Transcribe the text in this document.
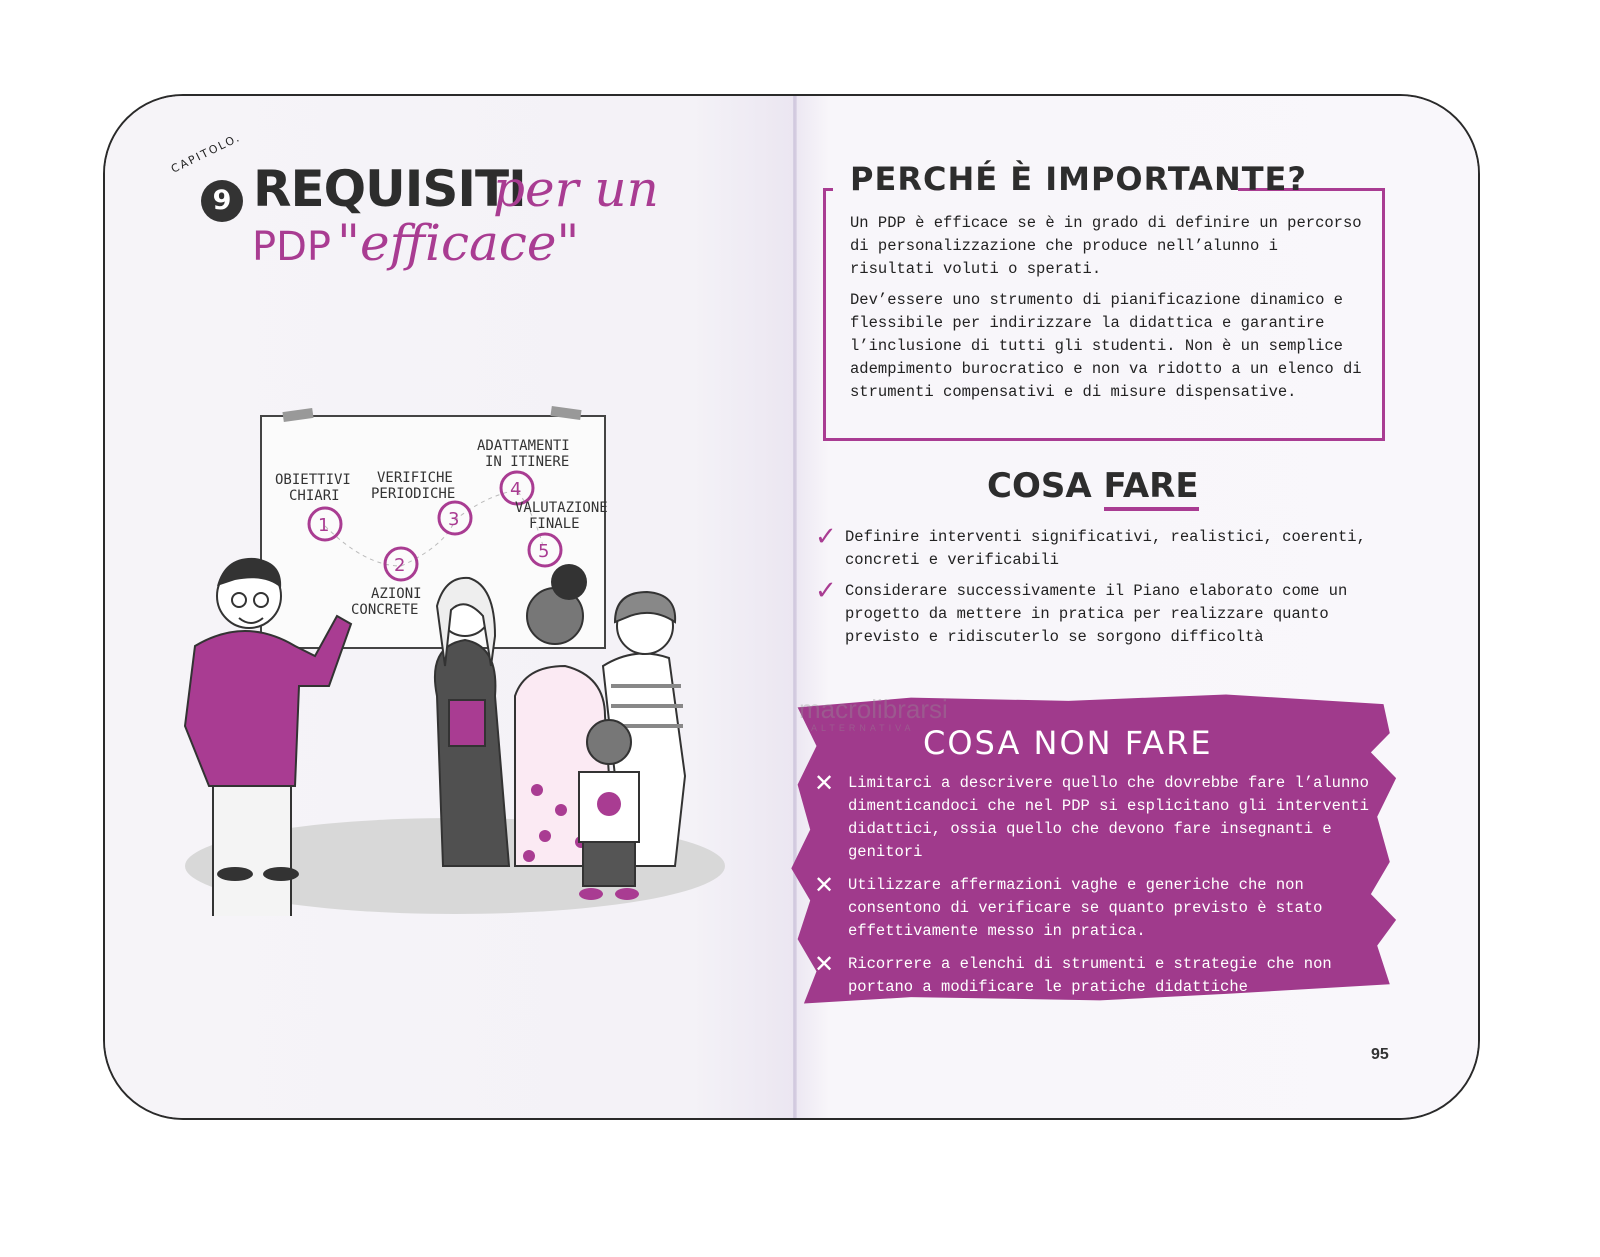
CAPITOLO.
9 REQUISITI
per un
PDP "efficace"
1
OBIETTIVI
CHIARI
2
AZIONI
CONCRETE
3
VERIFICHE
PERIODICHE	4
ADATTAMENTI
IN ITINERE
5
VALUTAZIONE
FINALE
PERCHÉ È IMPORTANTE?
Un PDP è efficace se è in grado di definire un percorso di personalizzazione che produce nell’alunno i risultati voluti o sperati.
Dev’essere uno strumento di pianificazione dinamico e flessibile per indirizzare la didattica e garantire l’inclusione di tutti gli studenti. Non è un semplice adempimento burocratico e non va ridotto a un elenco di strumenti compensativi e di misure dispensative.
COSA FARE
✓ Definire interventi significativi, realistici, coerenti, concreti e verificabili
✓ Considerare successivamente il Piano elaborato come un progetto da mettere in pratica per realizzare quanto previsto e ridiscuterlo se sorgono difficoltà
COSA NON FARE
✕ Limitarci a descrivere quello che dovrebbe fare l’alunno dimenticandoci che nel PDP si esplicitano gli interventi didattici, ossia quello che devono fare insegnanti e genitori
✕ Utilizzare affermazioni vaghe e generiche che non consentono di verificare se quanto previsto è stato effettivamente messo in pratica.
✕ Ricorrere a elenchi di strumenti e strategie che non portano a modificare le pratiche didattiche
95
macrolibrarsi
ALTERNATIVA
